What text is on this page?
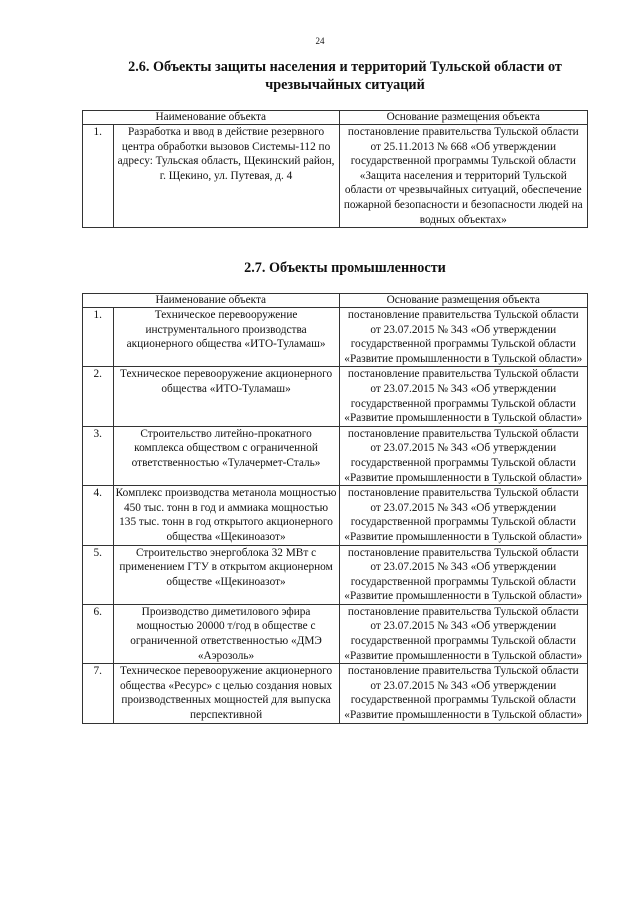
24
2.6. Объекты защиты населения и территорий Тульской области от
чрезвычайных ситуаций
Наименование объекта		Основание размещения объекта
1.	Разработка и ввод в действие резервного центра обработки вызовов Системы-112 по адресу: Тульская область, Щекинский район, г. Щекино, ул. Путевая, д. 4	постановление правительства Тульской области от 25.11.2013 № 668 «Об утверждении государственной программы Тульской области «Защита населения и территорий Тульской области от чрезвычайных ситуаций, обеспечение пожарной безопасности и безопасности людей на водных объектах»
2.7. Объекты промышленности
Наименование объекта		Основание размещения объекта
1.	Техническое перевооружение инструментального производства акционерного общества «ИТО-Туламаш»	постановление правительства Тульской области от 23.07.2015 № 343 «Об утверждении государственной программы Тульской области «Развитие промышленности в Тульской области»
2.	Техническое перевооружение акционерного общества «ИТО-Туламаш»	постановление правительства Тульской области от 23.07.2015 № 343 «Об утверждении государственной программы Тульской области «Развитие промышленности в Тульской области»
3.	Строительство литейно-прокатного комплекса обществом с ограниченной ответственностью «Тулачермет-Сталь»	постановление правительства Тульской области от 23.07.2015 № 343 «Об утверждении государственной программы Тульской области «Развитие промышленности в Тульской области»
4.	Комплекс производства метанола мощностью 450 тыс. тонн в год и аммиака мощностью 135 тыс. тонн в год открытого акционерного общества «Щекиноазот»	постановление правительства Тульской области от 23.07.2015 № 343 «Об утверждении государственной программы Тульской области «Развитие промышленности в Тульской области»
5.	Строительство энергоблока 32 МВт с применением ГТУ в открытом акционерном обществе «Щекиноазот»	постановление правительства Тульской области от 23.07.2015 № 343 «Об утверждении государственной программы Тульской области «Развитие промышленности в Тульской области»
6.	Производство диметилового эфира мощностью 20000 т/год в обществе с ограниченной ответственностью «ДМЭ «Аэрозоль»	постановление правительства Тульской области от 23.07.2015 № 343 «Об утверждении государственной программы Тульской области «Развитие промышленности в Тульской области»
7.	Техническое перевооружение акционерного общества «Ресурс» с целью создания новых производственных мощностей для выпуска перспективной	постановление правительства Тульской области от 23.07.2015 № 343 «Об утверждении государственной программы Тульской области «Развитие промышленности в Тульской области»
